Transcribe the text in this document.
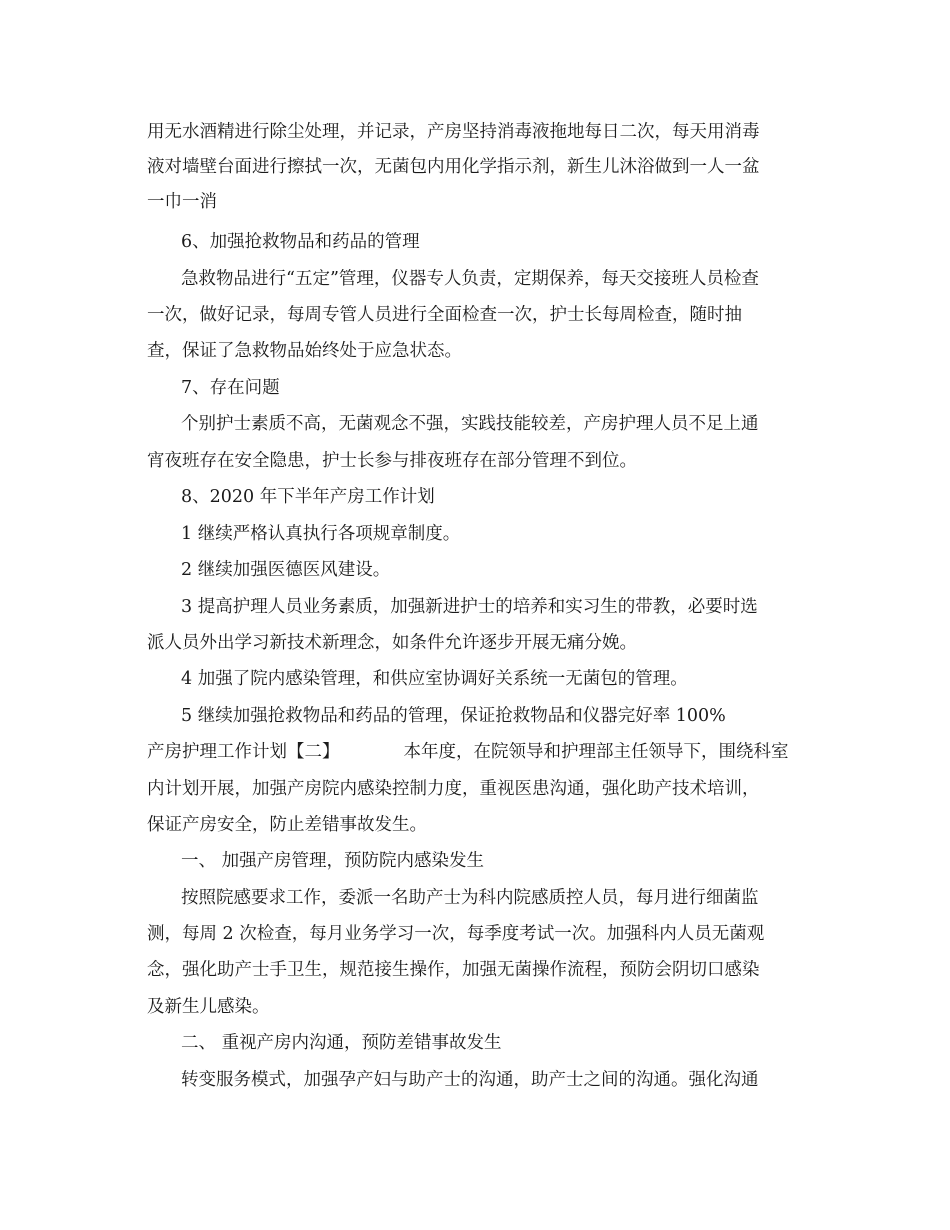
用无水酒精进行除尘处理，并记录，产房坚持消毒液拖地每日二次，每天用消毒
液对墙壁台面进行擦拭一次，无菌包内用化学指示剂，新生儿沐浴做到一人一盆
一巾一消
6、加强抢救物品和药品的管理
急救物品进行“五定”管理，仪器专人负责，定期保养，每天交接班人员检查
一次，做好记录，每周专管人员进行全面检查一次，护士长每周检查，随时抽
查，保证了急救物品始终处于应急状态。
7、存在问题
个别护士素质不高，无菌观念不强，实践技能较差，产房护理人员不足上通
宵夜班存在安全隐患，护士长参与排夜班存在部分管理不到位。
8、2020 年下半年产房工作计划
1 继续严格认真执行各项规章制度。
2 继续加强医德医风建设。
3 提高护理人员业务素质，加强新进护士的培养和实习生的带教，必要时选
派人员外出学习新技术新理念，如条件允许逐步开展无痛分娩。
4 加强了院内感染管理，和供应室协调好关系统一无菌包的管理。
5 继续加强抢救物品和药品的管理，保证抢救物品和仪器完好率 100%
产房护理工作计划【二】	本年度，在院领导和护理部主任领导下，围绕科室
内计划开展，加强产房院内感染控制力度，重视医患沟通，强化助产技术培训，
保证产房安全，防止差错事故发生。
一、 加强产房管理，预防院内感染发生
按照院感要求工作，委派一名助产士为科内院感质控人员，每月进行细菌监
测，每周 2 次检查，每月业务学习一次，每季度考试一次。加强科内人员无菌观
念，强化助产士手卫生，规范接生操作，加强无菌操作流程，预防会阴切口感染
及新生儿感染。
二、 重视产房内沟通，预防差错事故发生
转变服务模式，加强孕产妇与助产士的沟通，助产士之间的沟通。强化沟通
